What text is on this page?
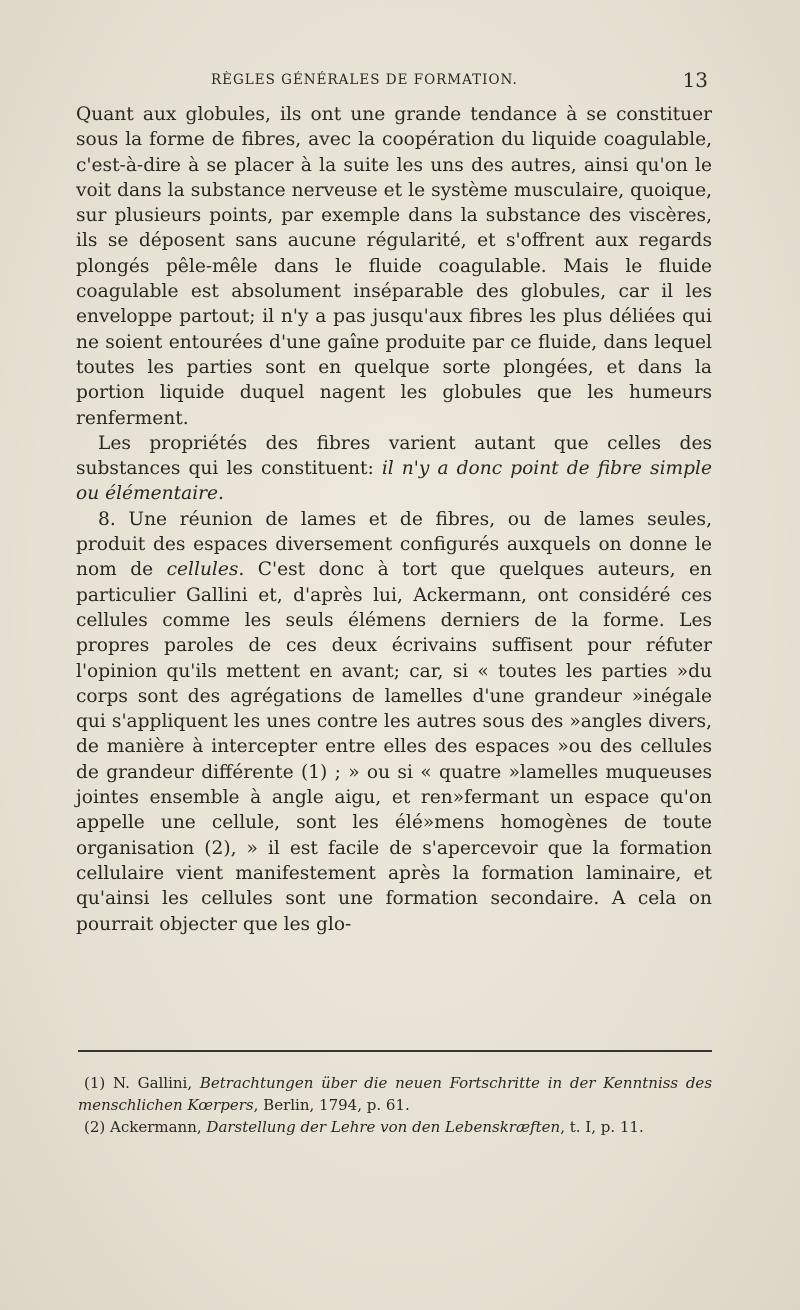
RÈGLES GÉNÉRALES DE FORMATION.	13

Quant aux globules, ils ont une grande tendance à se constituer sous la forme de fibres, avec la coopération du liquide coagulable, c'est-à-dire à se placer à la suite les uns des autres, ainsi qu'on le voit dans la substance nerveuse et le système musculaire, quoique, sur plusieurs points, par exemple dans la substance des viscères, ils se déposent sans aucune régularité, et s'offrent aux regards plongés pêle-mêle dans le fluide coagulable. Mais le fluide coagulable est absolument inséparable des globules, car il les enveloppe partout; il n'y a pas jusqu'aux fibres les plus déliées qui ne soient entourées d'une gaîne produite par ce fluide, dans lequel toutes les parties sont en quelque sorte plongées, et dans la portion liquide duquel nagent les globules que les humeurs renferment.

Les propriétés des fibres varient autant que celles des substances qui les constituent: il n'y a donc point de fibre simple ou élémentaire.

8. Une réunion de lames et de fibres, ou de lames seules, produit des espaces diversement configurés auxquels on donne le nom de cellules. C'est donc à tort que quelques auteurs, en particulier Gallini et, d'après lui, Ackermann, ont considéré ces cellules comme les seuls élémens derniers de la forme. Les propres paroles de ces deux écrivains suffisent pour réfuter l'opinion qu'ils mettent en avant; car, si « toutes les parties »du corps sont des agrégations de lamelles d'une grandeur »inégale qui s'appliquent les unes contre les autres sous des »angles divers, de manière à intercepter entre elles des espaces »ou des cellules de grandeur différente (1) ; » ou si « quatre »lamelles muqueuses jointes ensemble à angle aigu, et ren»fermant un espace qu'on appelle une cellule, sont les élé»mens homogènes de toute organisation (2), » il est facile de s'apercevoir que la formation cellulaire vient manifestement après la formation laminaire, et qu'ainsi les cellules sont une formation secondaire. A cela on pourrait objecter que les glo-

(1) N. Gallini, Betrachtungen über die neuen Fortschritte in der Kenntniss des menschlichen Kœrpers, Berlin, 1794, p. 61.

(2) Ackermann, Darstellung der Lehre von den Lebenskræften, t. I, p. 11.
